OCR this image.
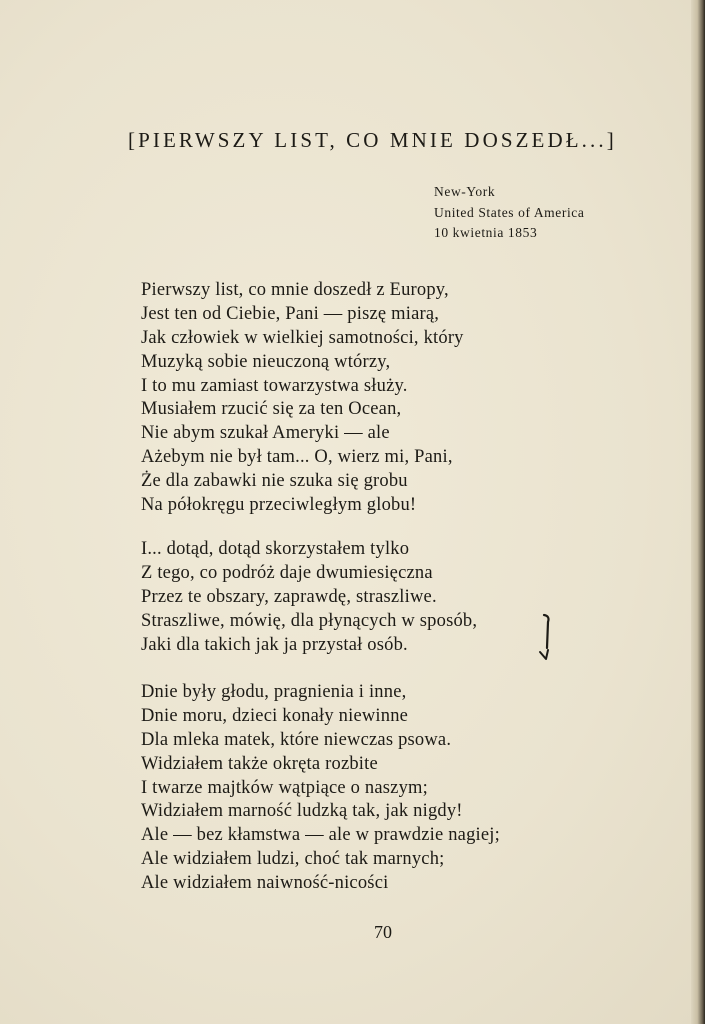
[PIERWSZY LIST, CO MNIE DOSZEDŁ...]
New-York
United States of America
10 kwietnia 1853
Pierwszy list, co mnie doszedł z Europy,
Jest ten od Ciebie, Pani — piszę miarą,
Jak człowiek w wielkiej samotności, który
Muzyką sobie nieuczoną wtórzy,
I to mu zamiast towarzystwa służy.
Musiałem rzucić się za ten Ocean,
Nie abym szukał Ameryki — ale
Ażebym nie był tam... O, wierz mi, Pani,
Że dla zabawki nie szuka się grobu
Na półokręgu przeciwległym globu!
I... dotąd, dotąd skorzystałem tylko
Z tego, co podróż daje dwumiesięczna
Przez te obszary, zaprawdę, straszliwe.
Straszliwe, mówię, dla płynących w sposób,
Jaki dla takich jak ja przystał osób.
Dnie były głodu, pragnienia i inne,
Dnie moru, dzieci konały niewinne
Dla mleka matek, które niewczas psowa.
Widziałem także okręta rozbite
I twarze majtków wątpiące o naszym;
Widziałem marność ludzką tak, jak nigdy!
Ale — bez kłamstwa — ale w prawdzie nagiej;
Ale widziałem ludzi, choć tak marnych;
Ale widziałem naiwność-nicości
70
